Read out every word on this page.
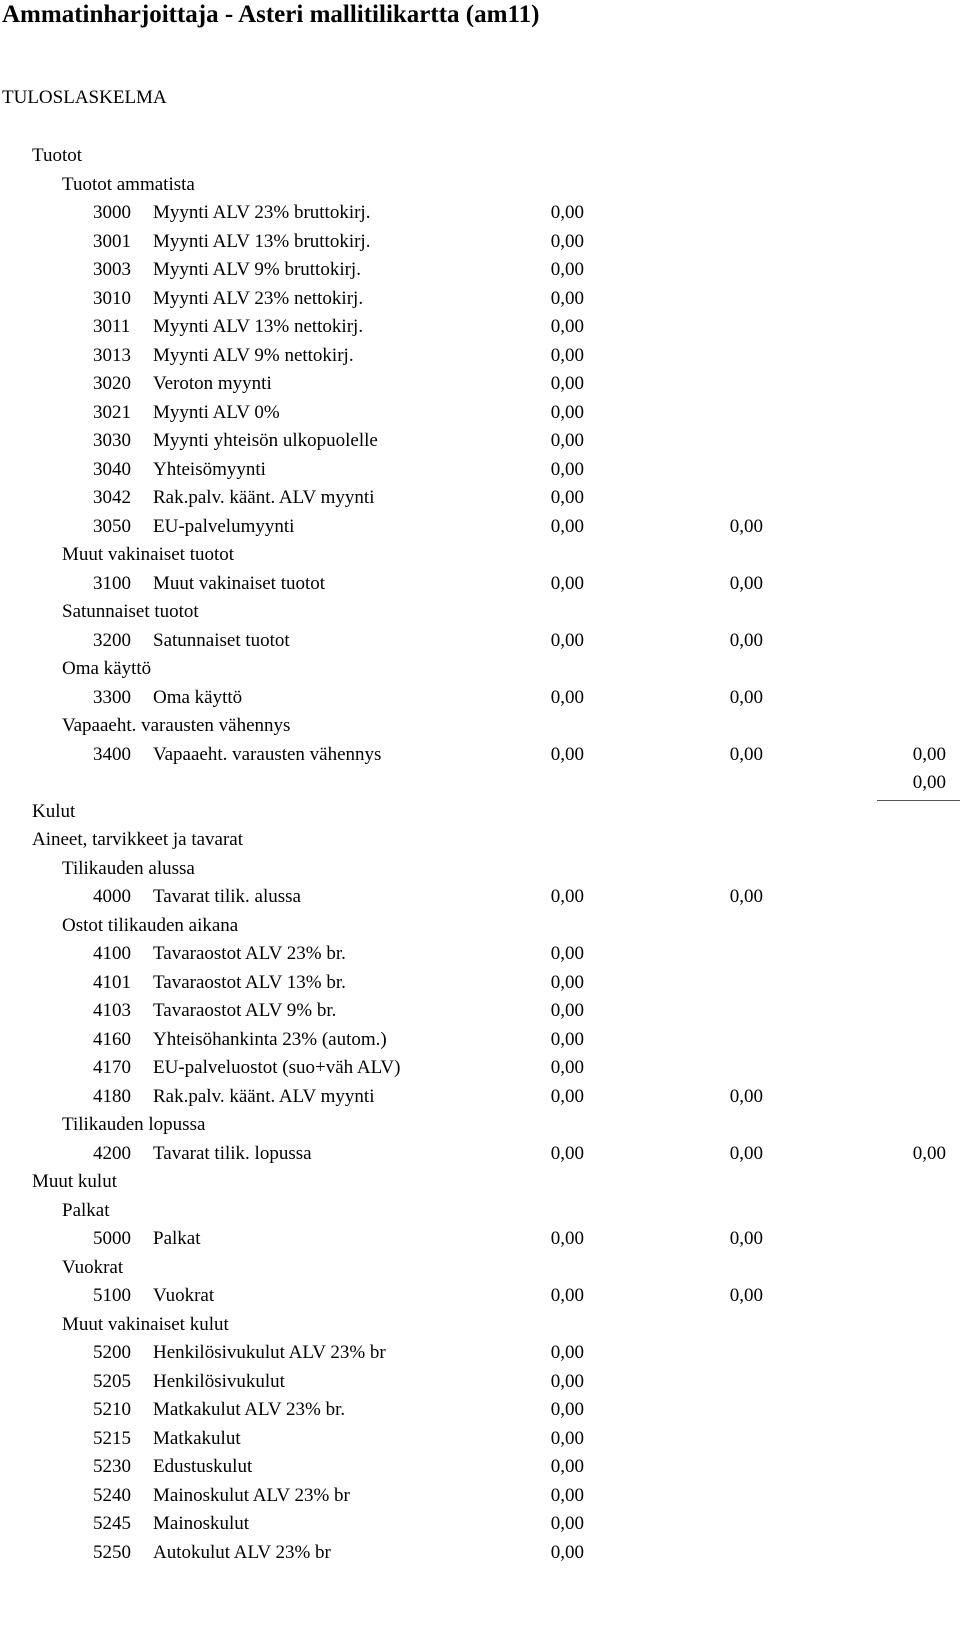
Ammatinharjoittaja - Asteri mallitilikartta (am11)
TULOSLASKELMA
Tuotot
Tuotot ammatista
3000 Myynti ALV 23% bruttokirj.	0,00
3001 Myynti ALV 13% bruttokirj.	0,00
3003 Myynti ALV 9% bruttokirj.	0,00
3010 Myynti ALV 23% nettokirj.	0,00
3011 Myynti ALV 13% nettokirj.	0,00
3013 Myynti ALV 9% nettokirj.	0,00
3020 Veroton myynti	0,00
3021 Myynti ALV 0%	0,00
3030 Myynti yhteisön ulkopuolelle	0,00
3040 Yhteisömyynti	0,00
3042 Rak.palv. käänt. ALV myynti	0,00
3050 EU-palvelumyynti	0,00	0,00
Muut vakinaiset tuotot
3100 Muut vakinaiset tuotot	0,00	0,00
Satunnaiset tuotot
3200 Satunnaiset tuotot	0,00	0,00
Oma käyttö
3300 Oma käyttö	0,00	0,00
Vapaaeht. varausten vähennys
3400 Vapaaeht. varausten vähennys	0,00	0,00	0,00
0,00
Kulut
Aineet, tarvikkeet ja tavarat
Tilikauden alussa
4000 Tavarat tilik. alussa	0,00	0,00
Ostot tilikauden aikana
4100 Tavaraostot ALV 23% br.	0,00
4101 Tavaraostot ALV 13% br.	0,00
4103 Tavaraostot ALV 9% br.	0,00
4160 Yhteisöhankinta 23% (autom.)	0,00
4170 EU-palveluostot (suo+väh ALV)	0,00
4180 Rak.palv. käänt. ALV myynti	0,00	0,00
Tilikauden lopussa
4200 Tavarat tilik. lopussa	0,00	0,00	0,00
Muut kulut
Palkat
5000 Palkat	0,00	0,00
Vuokrat
5100 Vuokrat	0,00	0,00
Muut vakinaiset kulut
5200 Henkilösivukulut ALV 23% br	0,00
5205 Henkilösivukulut	0,00
5210 Matkakulut ALV 23% br.	0,00
5215 Matkakulut	0,00
5230 Edustuskulut	0,00
5240 Mainoskulut ALV 23% br	0,00
5245 Mainoskulut	0,00
5250 Autokulut ALV 23% br	0,00
